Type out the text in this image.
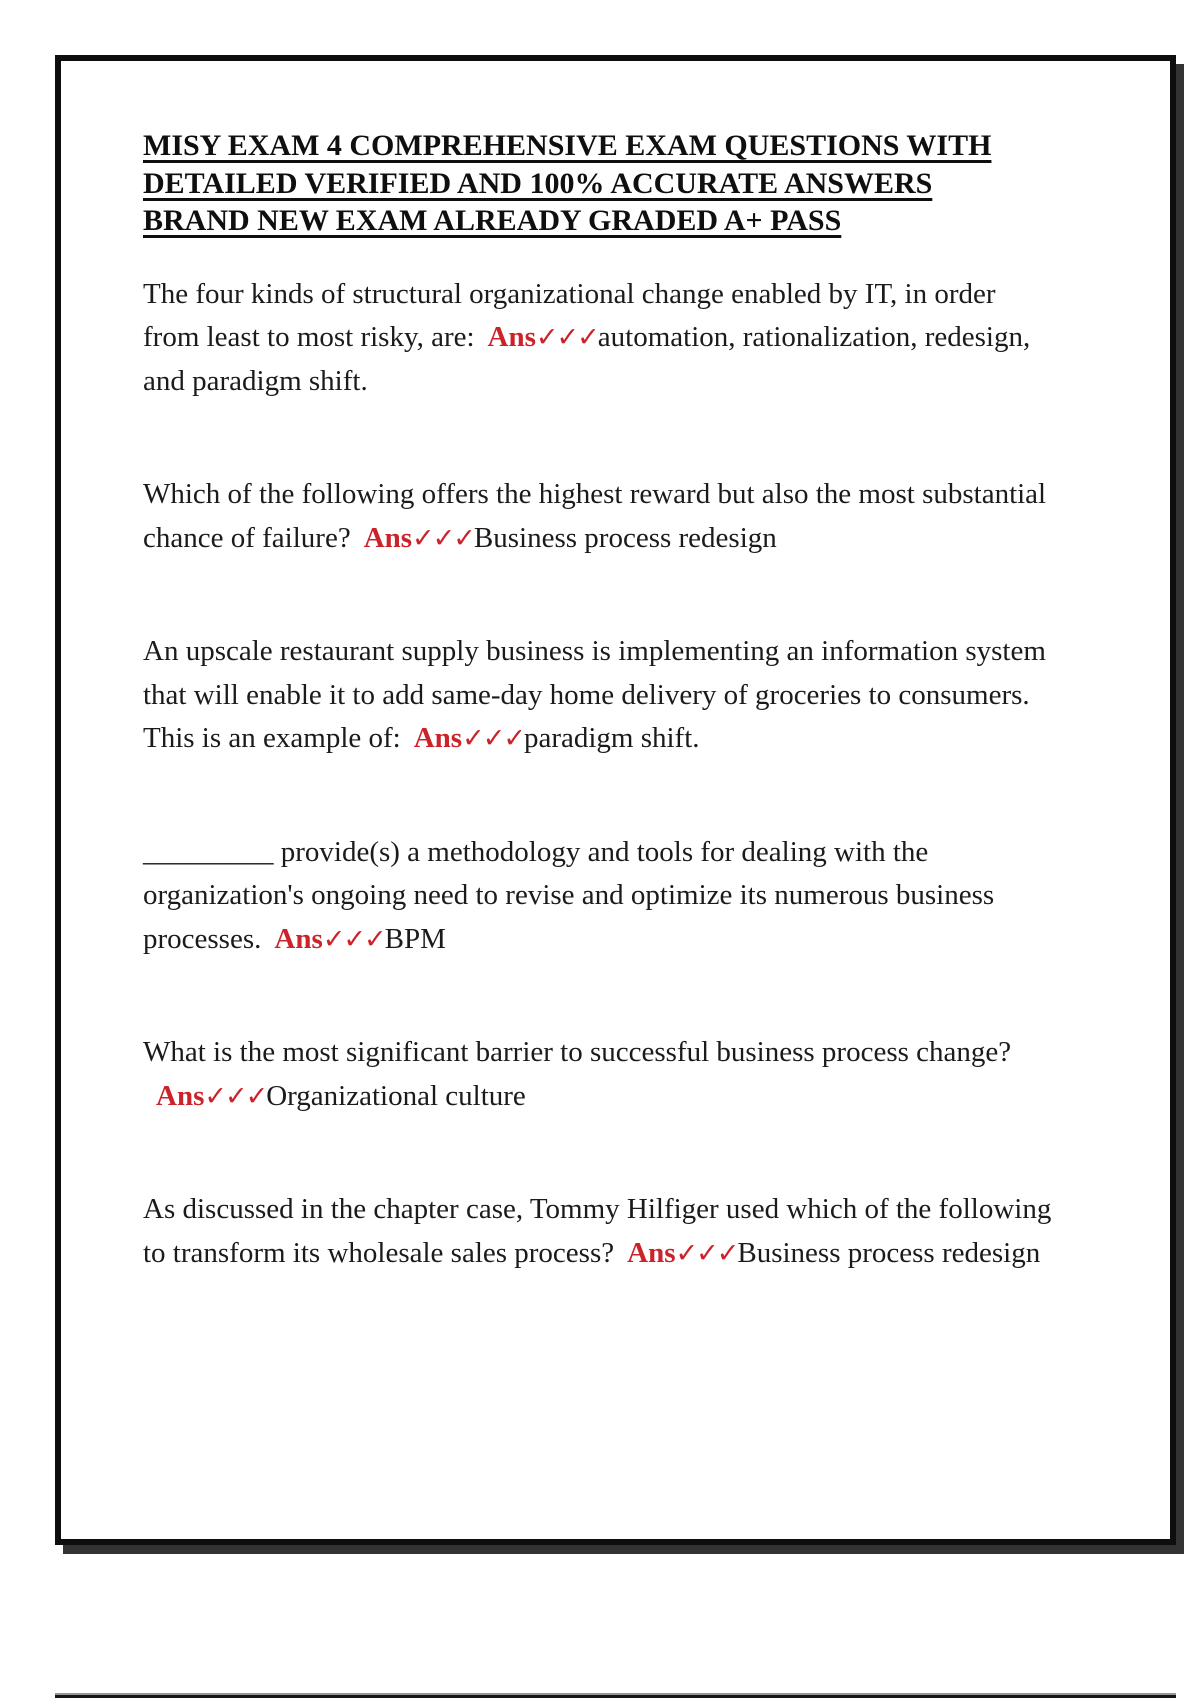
MISY EXAM 4 COMPREHENSIVE EXAM QUESTIONS WITH
DETAILED VERIFIED AND 100% ACCURATE ANSWERS
BRAND NEW EXAM ALREADY GRADED A+ PASS

The four kinds of structural organizational change enabled by IT, in order from least to most risky, are: Ans✓✓✓automation, rationalization, redesign, and paradigm shift.

Which of the following offers the highest reward but also the most substantial chance of failure? Ans✓✓✓Business process redesign

An upscale restaurant supply business is implementing an information system that will enable it to add same-day home delivery of groceries to consumers. This is an example of: Ans✓✓✓paradigm shift.

_________ provide(s) a methodology and tools for dealing with the organization's ongoing need to revise and optimize its numerous business processes. Ans✓✓✓BPM

What is the most significant barrier to successful business process change?Ans✓✓✓Organizational culture

As discussed in the chapter case, Tommy Hilfiger used which of the following to transform its wholesale sales process? Ans✓✓✓Business process redesign
